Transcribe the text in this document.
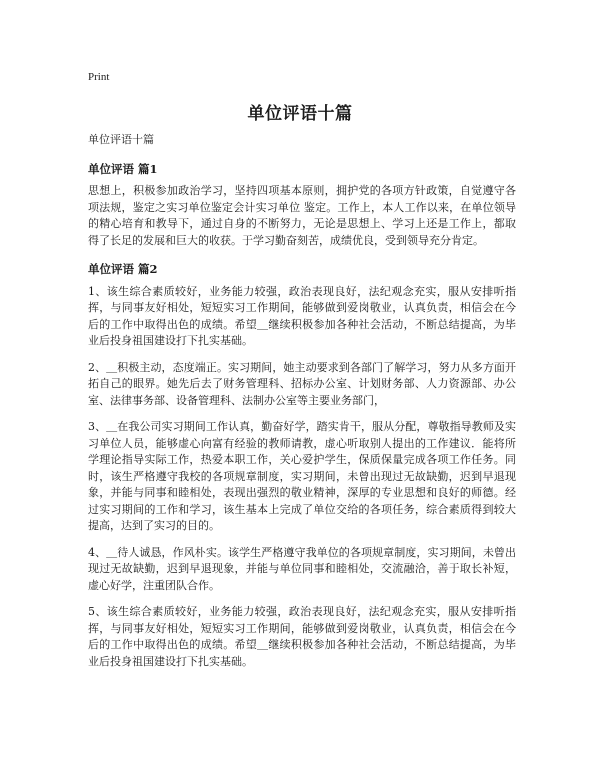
Print
单位评语十篇
单位评语十篇
单位评语 篇1

思想上，积极参加政治学习，坚持四项基本原则，拥护党的各项方针政策，自觉遵守各项法规，鉴定之实习单位鉴定会计实习单位 鉴定。工作上，本人工作以来，在单位领导的精心培育和教导下，通过自身的不断努力，无论是思想上、学习上还是工作上，都取得了长足的发展和巨大的收获。于学习勤奋刻苦，成绩优良，受到领导充分肯定。

单位评语 篇2

1、该生综合素质较好，业务能力较强，政治表现良好，法纪观念充实，服从安排听指挥，与同事友好相处，短短实习工作期间，能够做到爱岗敬业，认真负责，相信会在今后的工作中取得出色的成绩。希望＿继续积极参加各种社会活动，不断总结提高，为毕业后投身祖国建设打下扎实基础。

2、＿积极主动，态度端正。实习期间，她主动要求到各部门了解学习，努力从多方面开拓自己的眼界。她先后去了财务管理科、招标办公室、计划财务部、人力资源部、办公室、法律事务部、设备管理科、法制办公室等主要业务部门，

3、＿在我公司实习期间工作认真，勤奋好学，踏实肯干，服从分配，尊敬指导教师及实习单位人员，能够虚心向富有经验的教师请教，虚心听取别人提出的工作建议．能将所学理论指导实际工作，热爱本职工作，关心爱护学生，保质保量完成各项工作任务。同时，该生严格遵守我校的各项规章制度，实习期间，未曾出现过无故缺勤，迟到早退现象，并能与同事和睦相处，表现出强烈的敬业精神，深厚的专业思想和良好的师德。经过实习期间的工作和学习，该生基本上完成了单位交给的各项任务，综合素质得到较大提高，达到了实习的目的。

4、＿待人诚恳，作风朴实。该学生严格遵守我单位的各项规章制度，实习期间，未曾出现过无故缺勤，迟到早退现象，并能与单位同事和睦相处，交流融洽，善于取长补短，虚心好学，注重团队合作。

5、该生综合素质较好，业务能力较强，政治表现良好，法纪观念充实，服从安排听指挥，与同事友好相处，短短实习工作期间，能够做到爱岗敬业，认真负责，相信会在今后的工作中取得出色的成绩。希望＿继续积极参加各种社会活动，不断总结提高，为毕业后投身祖国建设打下扎实基础。
